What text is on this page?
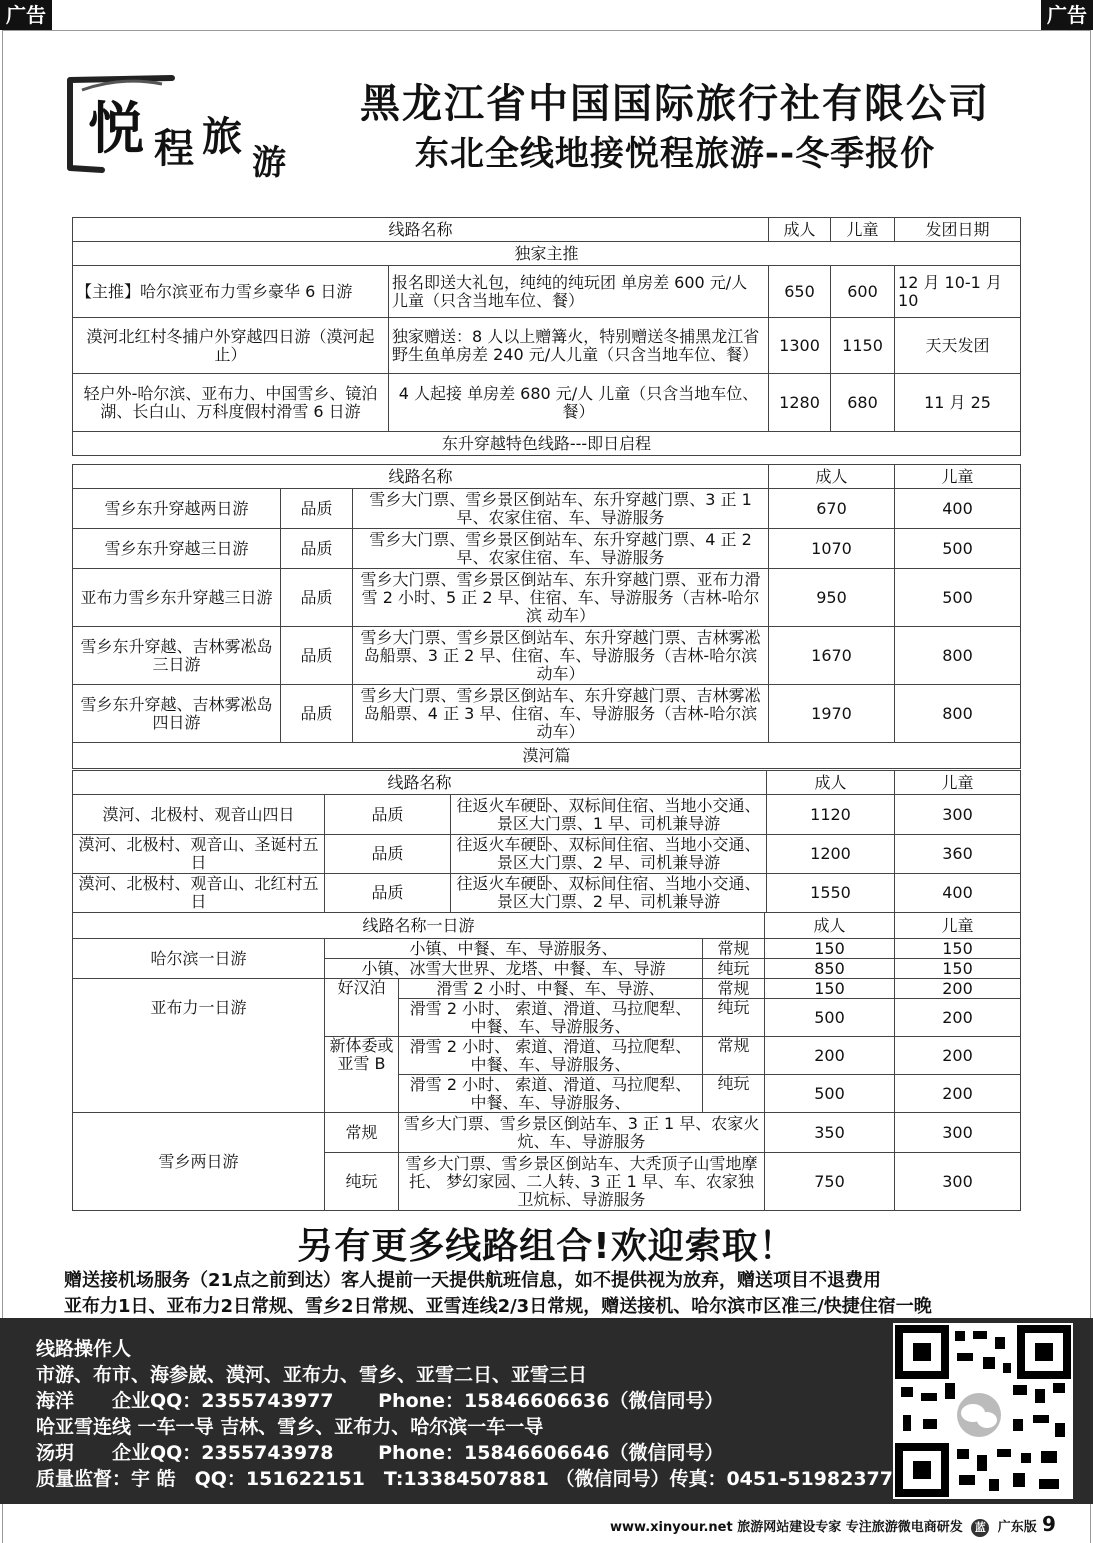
广告	广告
悦 程 旅
游
黑龙江省中国国际旅行社有限公司
东北全线地接悦程旅游--冬季报价
线路名称		成人	儿童	发团日期
独家主推				
【主推】哈尔滨亚布力雪乡豪华 6 日游	报名即送大礼包，纯纯的纯玩团 单房差 600 元/人 儿童（只含当地车位、餐）	650	600	12 月 10-1 月 10
漠河北红村冬捕户外穿越四日游（漠河起止）	独家赠送：8 人以上赠篝火，特别赠送冬捕黑龙江省野生鱼单房差 240 元/人儿童（只含当地车位、餐）	1300	1150	天天发团
轻户外-哈尔滨、亚布力、中国雪乡、镜泊湖、长白山、万科度假村滑雪 6 日游	4 人起接 单房差 680 元/人 儿童（只含当地车位、餐）	1280	680	11 月 25
东升穿越特色线路---即日启程				
线路名称			成人	儿童
雪乡东升穿越两日游	品质	雪乡大门票、雪乡景区倒站车、东升穿越门票、3 正 1 早、农家住宿、车、导游服务	670	400
雪乡东升穿越三日游	品质	雪乡大门票、雪乡景区倒站车、东升穿越门票、4 正 2 早、农家住宿、车、导游服务	1070	500
亚布力雪乡东升穿越三日游	品质	雪乡大门票、雪乡景区倒站车、东升穿越门票、亚布力滑雪 2 小时、5 正 2 早、住宿、车、导游服务（吉林-哈尔滨 动车）	950	500
雪乡东升穿越、吉林雾凇岛三日游	品质	雪乡大门票、雪乡景区倒站车、东升穿越门票、吉林雾凇岛船票、3 正 2 早、住宿、车、导游服务（吉林-哈尔滨 动车）	1670	800
雪乡东升穿越、吉林雾凇岛四日游	品质	雪乡大门票、雪乡景区倒站车、东升穿越门票、吉林雾凇岛船票、4 正 3 早、住宿、车、导游服务（吉林-哈尔滨 动车）	1970	800
漠河篇				
线路名称			成人	儿童
漠河、北极村、观音山四日	品质	往返火车硬卧、双标间住宿、当地小交通、景区大门票、1 早、司机兼导游	1120	300
漠河、北极村、观音山、圣诞村五日	品质	往返火车硬卧、双标间住宿、当地小交通、景区大门票、2 早、司机兼导游	1200	360
漠河、北极村、观音山、北红村五日	品质	往返火车硬卧、双标间住宿、当地小交通、景区大门票、2 早、司机兼导游	1550	400
线路名称一日游				成人	儿童
哈尔滨一日游	小镇、中餐、车、导游服务、		常规	150	150
	小镇、冰雪大世界、龙塔、中餐、车、导游		纯玩	850	150
亚布力一日游	好汉泊	滑雪 2 小时、中餐、车、导游、	常规	150	200
		滑雪 2 小时、 索道、滑道、马拉爬犁、中餐、车、导游服务、	纯玩	500	200
	新体委或亚雪 B	滑雪 2 小时、 索道、滑道、马拉爬犁、中餐、车、导游服务、	常规	200	200
		滑雪 2 小时、 索道、滑道、马拉爬犁、中餐、车、导游服务、	纯玩	500	200
雪乡两日游	常规	雪乡大门票、雪乡景区倒站车、3 正 1 早、农家火炕、车、导游服务		350	300
	纯玩	雪乡大门票、雪乡景区倒站车、大秃顶子山雪地摩托、 梦幻家园、二人转、3 正 1 早、车、农家独卫炕标、导游服务		750	300
另有更多线路组合!欢迎索取！
赠送接机场服务（21点之前到达）客人提前一天提供航班信息，如不提供视为放弃，赠送项目不退费用
亚布力1日、亚布力2日常规、雪乡2日常规、亚雪连线2/3日常规，赠送接机、哈尔滨市区准三/快捷住宿一晚
线路操作人
市游、布市、海参崴、漠河、亚布力、雪乡、亚雪二日、亚雪三日
海洋　　企业QQ：2355743977　　 Phone：15846606636（微信同号）
哈亚雪连线 一车一导 吉林、雪乡、亚布力、哈尔滨一车一导
汤玥　　企业QQ：2355743978　　 Phone：15846606646（微信同号）
质量监督：宇 皓　QQ：151622151　T:13384507881 （微信同号）传真：0451-51982377
www.xinyour.net 旅游网站建设专家 专注旅游微电商研发 蓝 广东版 9
